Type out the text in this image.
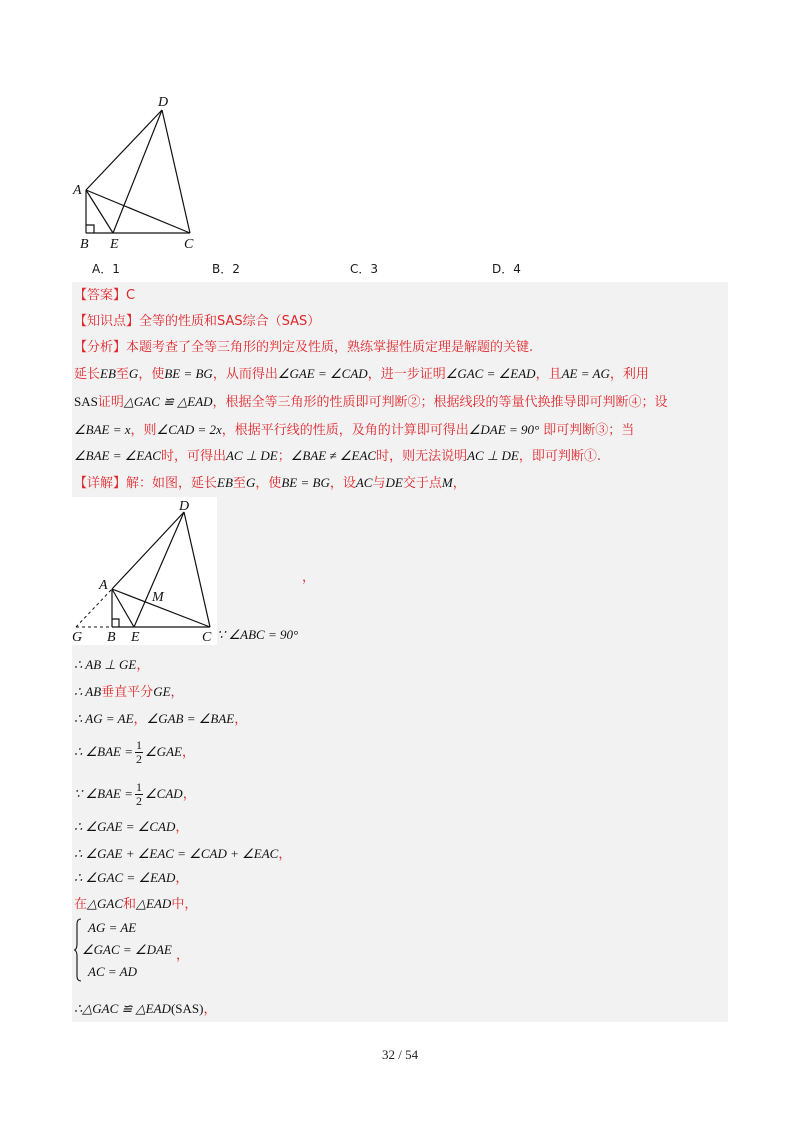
D
A
B E	C
A．1	B．2	C．3	D．4
【答案】C
【知识点】全等的性质和SAS综合（SAS）
【分析】本题考查了全等三角形的判定及性质，熟练掌握性质定理是解题的关键.
延长EB至G，使BE = BG，从而得出∠GAE = ∠CAD，进一步证明∠GAC = ∠EAD，且AE = AG，利用
SAS证明△GAC ≌ △EAD，根据全等三角形的性质即可判断②；根据线段的等量代换推导即可判断④；设
∠BAE = x，则∠CAD = 2x，根据平行线的性质，及角的计算即可得出∠DAE = 90° 即可判断③；当
∠BAE = ∠EAC时，可得出AC ⊥ DE；∠BAE ≠ ∠EAC时，则无法说明AC ⊥ DE，即可判断①.
【详解】解：如图，延长EB至G，使BE = BG，设AC与DE交于点M，
D
A
M
G B E	C
，
∵ ∠ABC = 90°
∴ AB ⊥ GE，
∴ AB垂直平分GE，
∴ AG = AE，∠GAB = ∠BAE，
∴ ∠BAE = $\frac{1}{2}$ ∠GAE，
∵ ∠BAE = $\frac{1}{2}$ ∠CAD，
∴ ∠GAE = ∠CAD，
∴ ∠GAE + ∠EAC = ∠CAD + ∠EAC，
∴ ∠GAC = ∠EAD，
在△GAC和△EAD中，
AG = AE
∠GAC = ∠DAE ，
AC = AD
∴△GAC ≌ △EAD(SAS)，
32 / 54
